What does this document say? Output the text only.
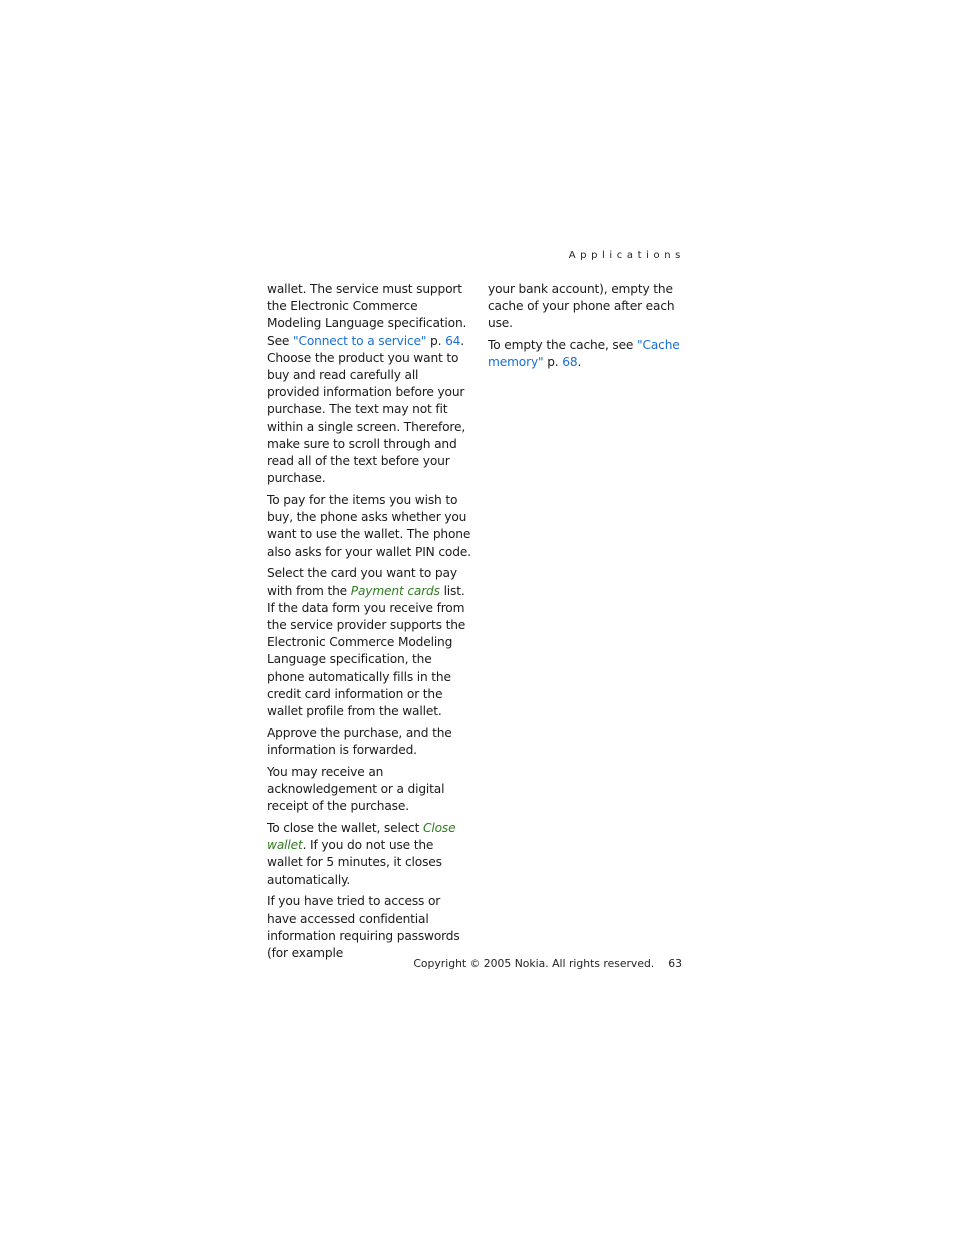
Applications

wallet. The service must support the Electronic Commerce Modeling Language specification. See "Connect to a service" p. 64. Choose the product you want to buy and read carefully all provided information before your purchase. The text may not fit within a single screen. Therefore, make sure to scroll through and read all of the text before your purchase.

To pay for the items you wish to buy, the phone asks whether you want to use the wallet. The phone also asks for your wallet PIN code.

Select the card you want to pay with from the Payment cards list. If the data form you receive from the service provider supports the Electronic Commerce Modeling Language specification, the phone automatically fills in the credit card information or the wallet profile from the wallet.

Approve the purchase, and the information is forwarded.

You may receive an acknowledgement or a digital receipt of the purchase.

To close the wallet, select Close wallet. If you do not use the wallet for 5 minutes, it closes automatically.

If you have tried to access or have accessed confidential information requiring passwords (for example

your bank account), empty the cache of your phone after each use.

To empty the cache, see "Cache memory" p. 68.

Copyright © 2005 Nokia. All rights reserved. 63
